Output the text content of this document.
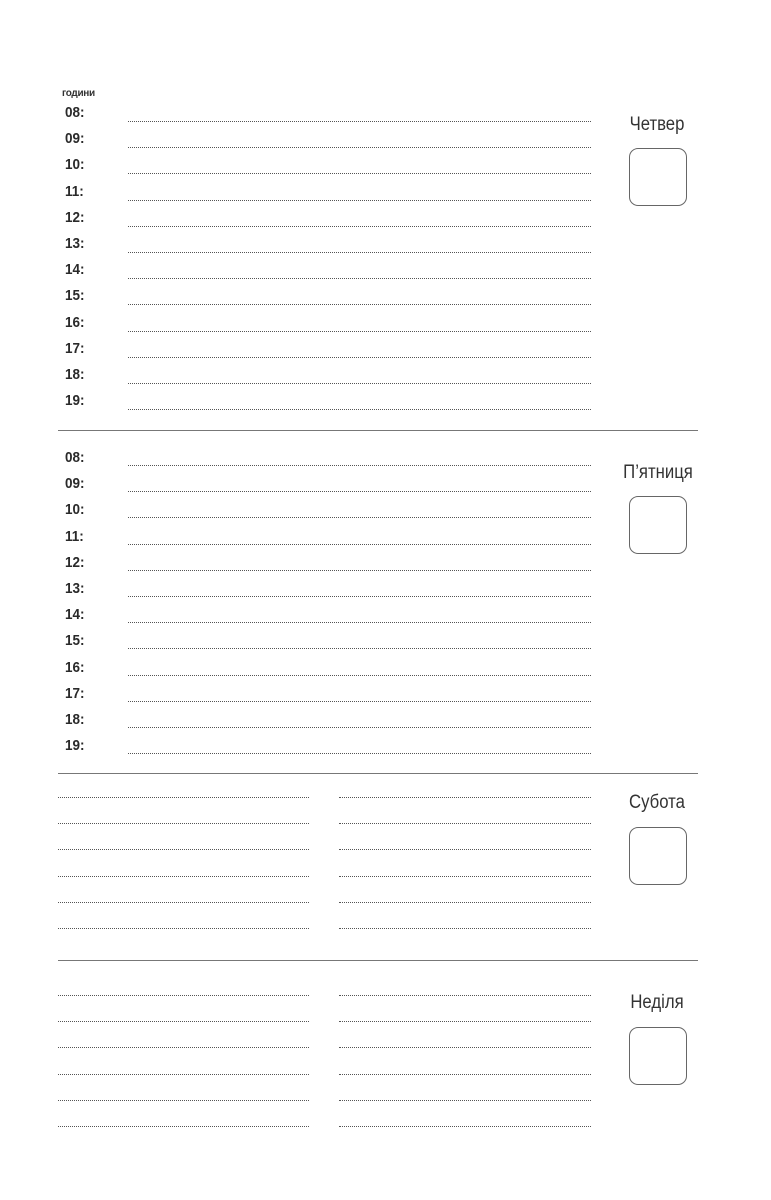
години
08:
09:
10:
11:
12:
13:
14:
15:
16:
17:
18:
19:
Четвер
08:
09:
10:
11:
12:
13:
14:
15:
16:
17:
18:
19:
П’ятниця
Субота
Неділя
